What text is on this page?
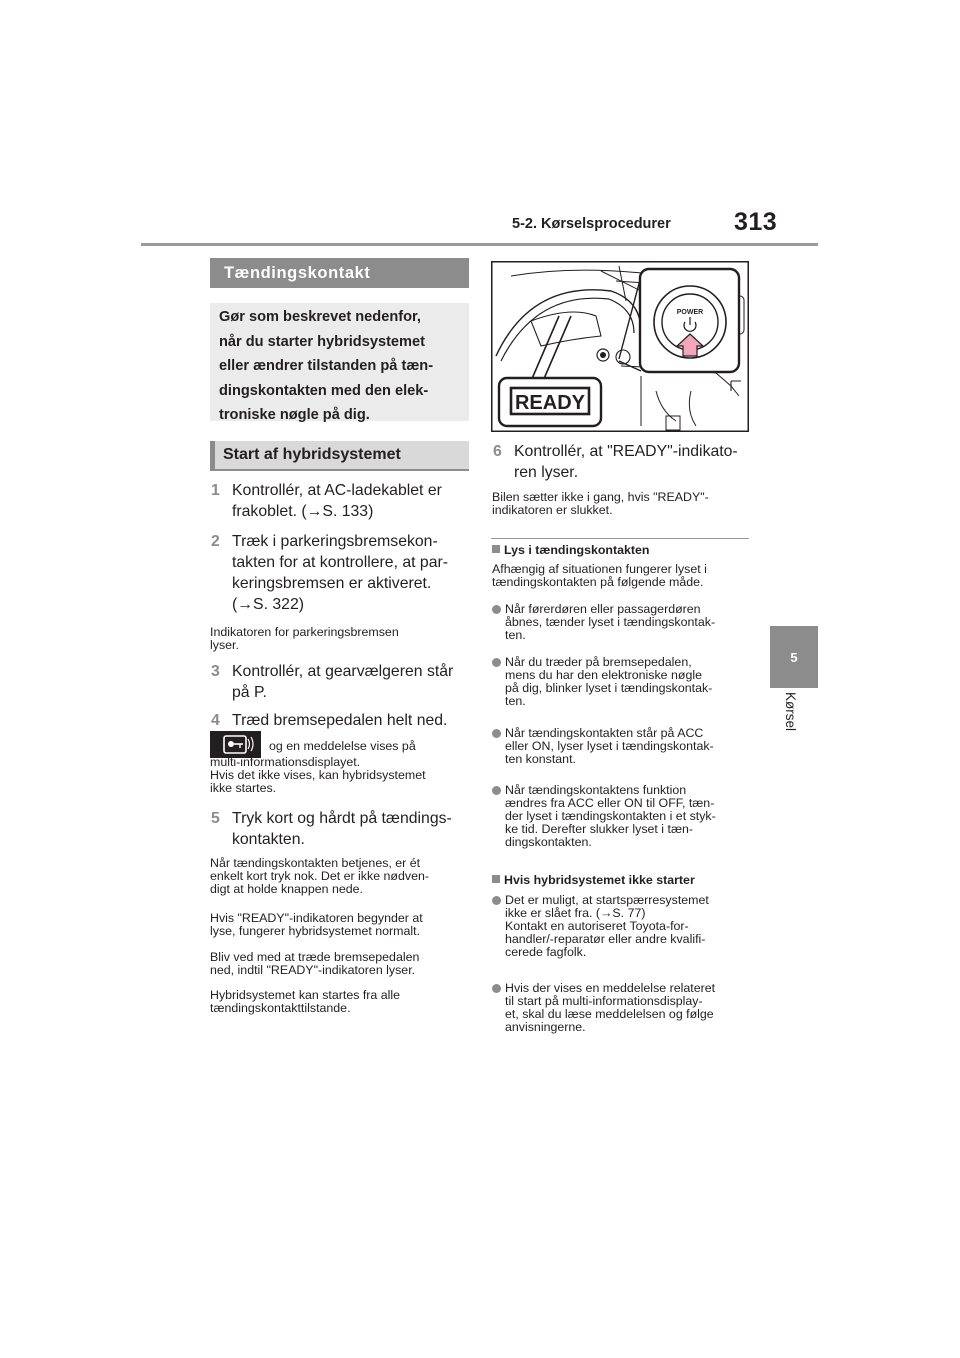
5-2. Kørselsprocedurer	313
5
Kørsel
Tændingskontakt
Gør som beskrevet nedenfor,
når du starter hybridsystemet
eller ændrer tilstanden på tæn-
dingskontakten med den elek-
troniske nøgle på dig.
Start af hybridsystemet
1 Kontrollér, at AC-ladekablet er
frakoblet. (→S. 133)
2 Træk i parkeringsbremsekon-
takten for at kontrollere, at par-
keringsbremsen er aktiveret.
(→S. 322)
Indikatoren for parkeringsbremsen
lyser.
3 Kontrollér, at gearvælgeren står
på P.
4 Træd bremsepedalen helt ned.
og en meddelelse vises på
multi-informationsdisplayet.
Hvis det ikke vises, kan hybridsystemet
ikke startes.
5 Tryk kort og hårdt på tændings-
kontakten.
Når tændingskontakten betjenes, er ét
enkelt kort tryk nok. Det er ikke nødven-
digt at holde knappen nede.
Hvis "READY"-indikatoren begynder at
lyse, fungerer hybridsystemet normalt.
Bliv ved med at træde bremsepedalen
ned, indtil "READY"-indikatoren lyser.
Hybridsystemet kan startes fra alle
tændingskontakttilstande.
POWER
READY
6 Kontrollér, at "READY"-indikato-
ren lyser.
Bilen sætter ikke i gang, hvis "READY"-
indikatoren er slukket.
Lys i tændingskontakten
Afhængig af situationen fungerer lyset i
tændingskontakten på følgende måde.
Når førerdøren eller passagerdøren
åbnes, tænder lyset i tændingskontak-
ten.
Når du træder på bremsepedalen,
mens du har den elektroniske nøgle
på dig, blinker lyset i tændingskontak-
ten.
Når tændingskontakten står på ACC
eller ON, lyser lyset i tændingskontak-
ten konstant.
Når tændingskontaktens funktion
ændres fra ACC eller ON til OFF, tæn-
der lyset i tændingskontakten i et styk-
ke tid. Derefter slukker lyset i tæn-
dingskontakten.
Hvis hybridsystemet ikke starter
Det er muligt, at startspærresystemet
ikke er slået fra. (→S. 77)
Kontakt en autoriseret Toyota-for-
handler/-reparatør eller andre kvalifi-
cerede fagfolk.
Hvis der vises en meddelelse relateret
til start på multi-informationsdisplay-
et, skal du læse meddelelsen og følge
anvisningerne.
